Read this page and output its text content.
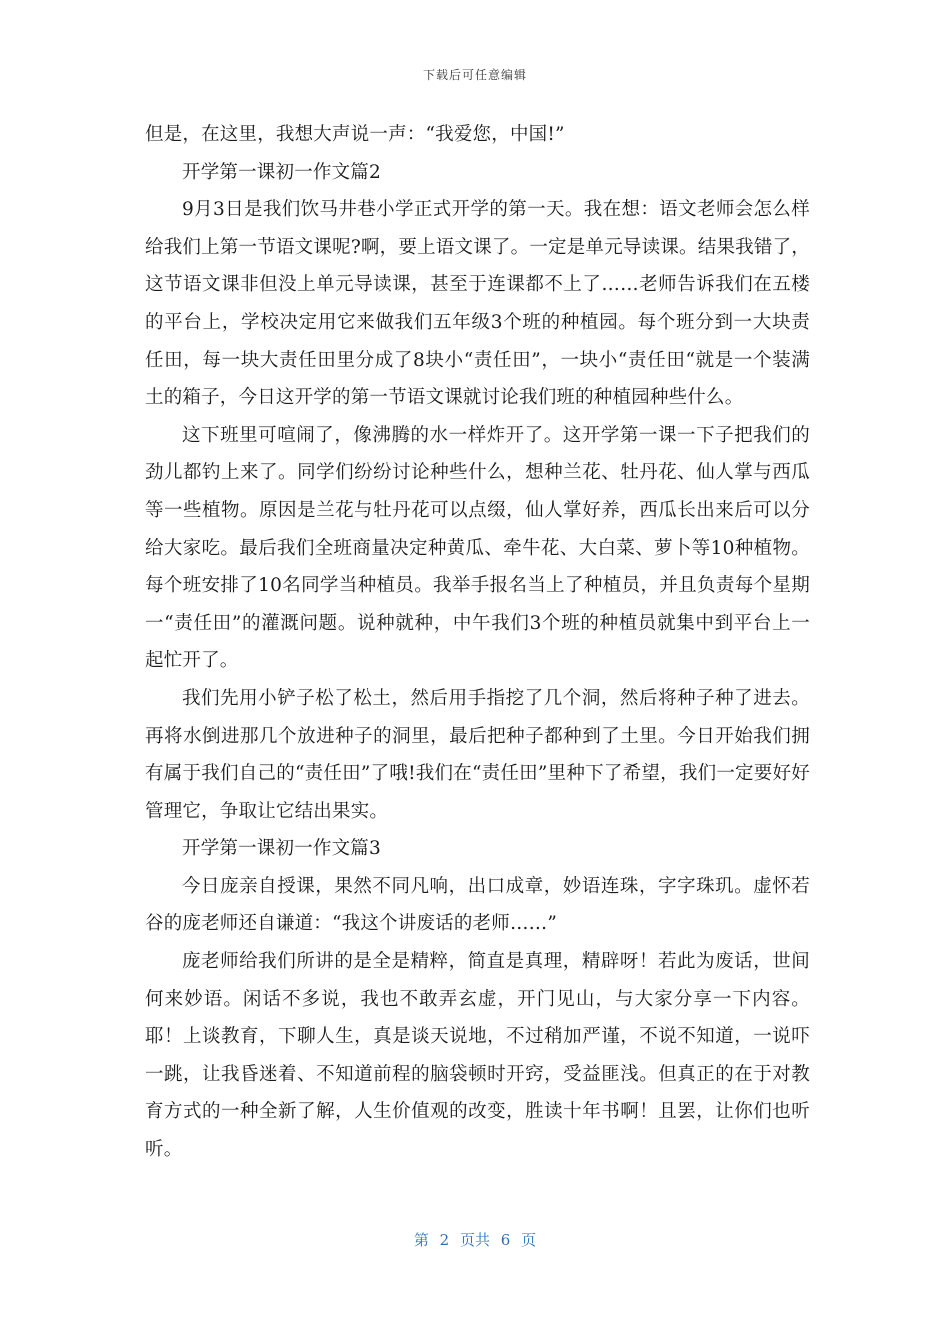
下载后可任意编辑

但是，在这里，我想大声说一声：“我爱您，中国!”

开学第一课初一作文篇2

9月3日是我们饮马井巷小学正式开学的第一天。我在想：语文老师会怎么样给我们上第一节语文课呢?啊，要上语文课了。一定是单元导读课。结果我错了，这节语文课非但没上单元导读课，甚至于连课都不上了……老师告诉我们在五楼的平台上，学校决定用它来做我们五年级3个班的种植园。每个班分到一大块责任田，每一块大责任田里分成了8块小“责任田”，一块小“责任田“就是一个装满土的箱子，今日这开学的第一节语文课就讨论我们班的种植园种些什么。

这下班里可喧闹了，像沸腾的水一样炸开了。这开学第一课一下子把我们的劲儿都钓上来了。同学们纷纷讨论种些什么，想种兰花、牡丹花、仙人掌与西瓜等一些植物。原因是兰花与牡丹花可以点缀，仙人掌好养，西瓜长出来后可以分给大家吃。最后我们全班商量决定种黄瓜、牵牛花、大白菜、萝卜等10种植物。每个班安排了10名同学当种植员。我举手报名当上了种植员，并且负责每个星期一“责任田”的灌溉问题。说种就种，中午我们3个班的种植员就集中到平台上一起忙开了。

我们先用小铲子松了松土，然后用手指挖了几个洞，然后将种子种了进去。再将水倒进那几个放进种子的洞里，最后把种子都种到了土里。今日开始我们拥有属于我们自己的“责任田”了哦!我们在“责任田”里种下了希望，我们一定要好好管理它，争取让它结出果实。

开学第一课初一作文篇3

今日庞亲自授课，果然不同凡响，出口成章，妙语连珠，字字珠玑。虚怀若谷的庞老师还自谦道：“我这个讲废话的老师……”

庞老师给我们所讲的是全是精粹，简直是真理，精辟呀！若此为废话，世间何来妙语。闲话不多说，我也不敢弄玄虚，开门见山，与大家分享一下内容。耶！上谈教育，下聊人生，真是谈天说地，不过稍加严谨，不说不知道，一说吓一跳，让我昏迷着、不知道前程的脑袋顿时开窍，受益匪浅。但真正的在于对教育方式的一种全新了解，人生价值观的改变，胜读十年书啊！且罢，让你们也听听。

第 2 页共 6 页
